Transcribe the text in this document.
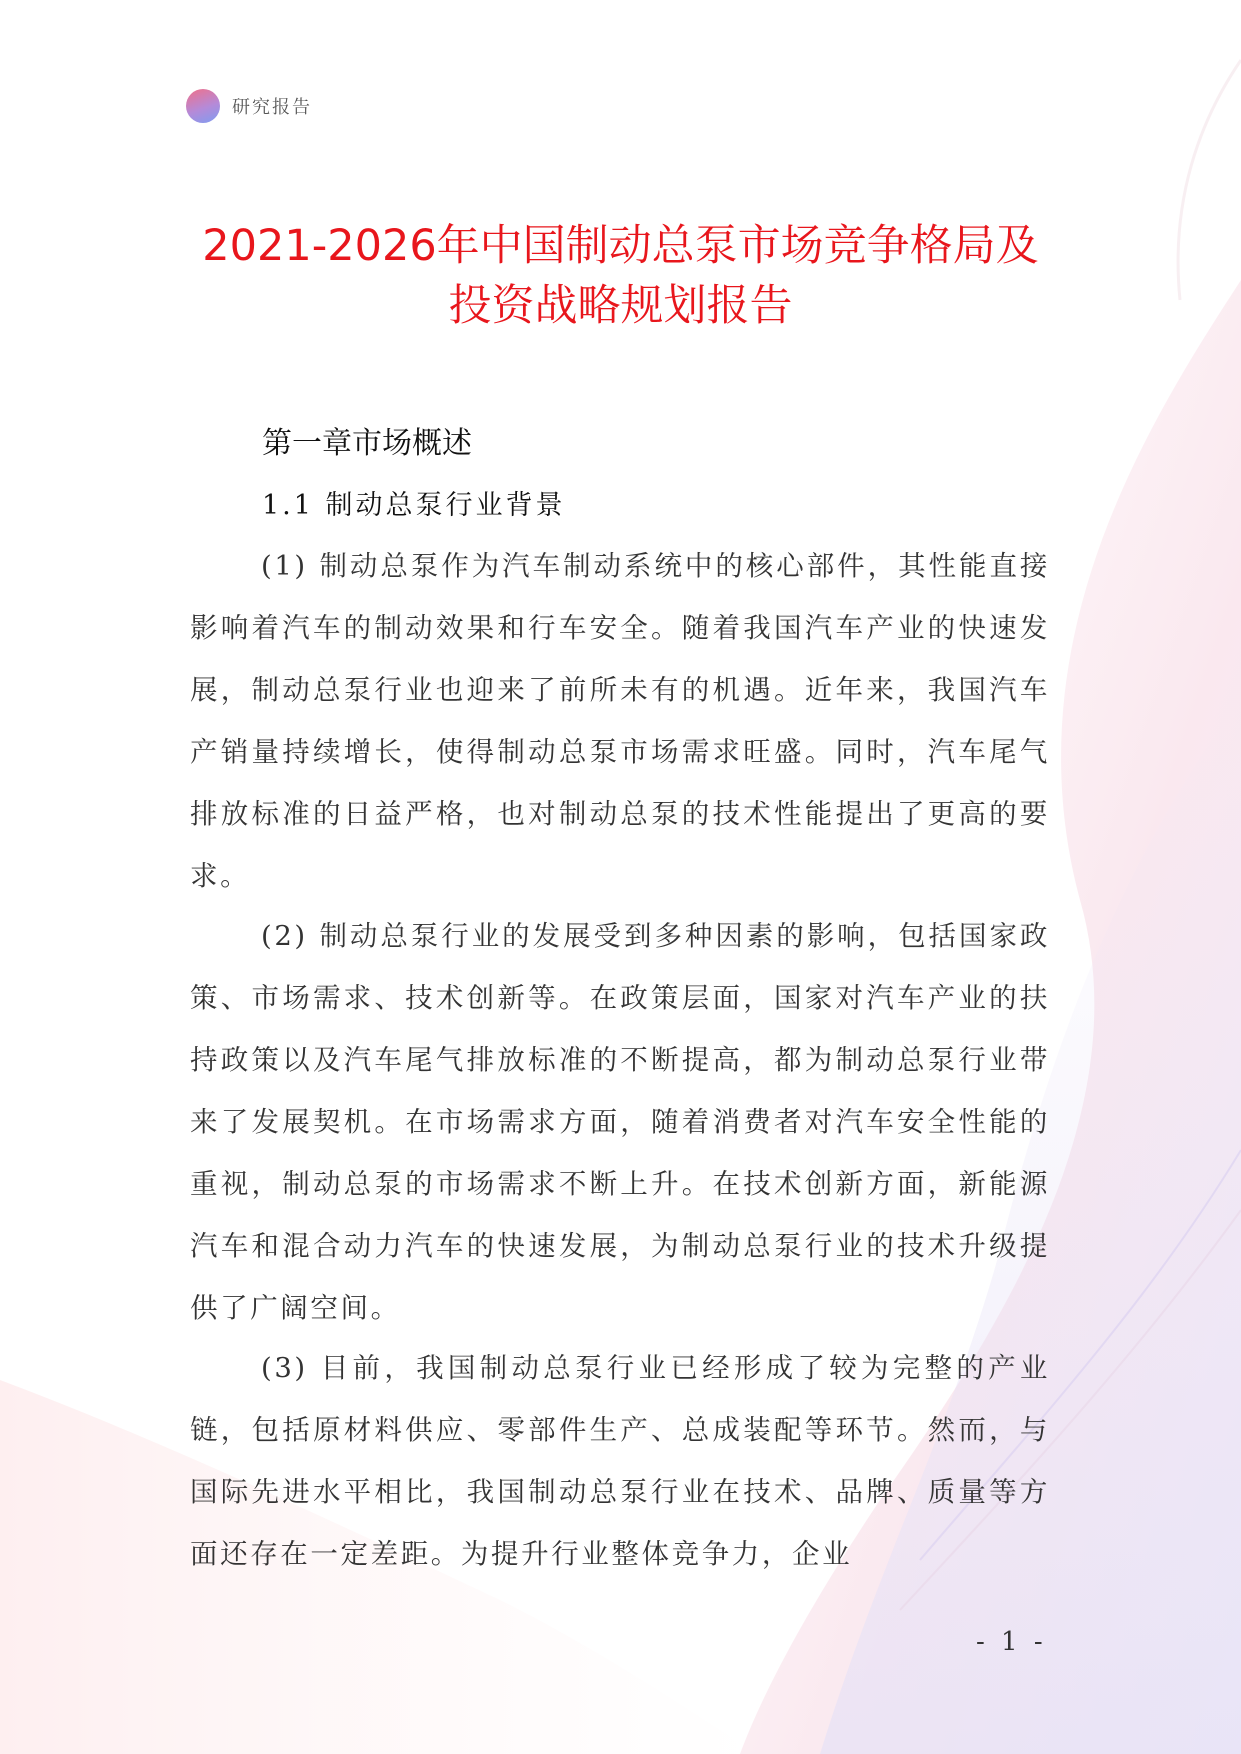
研究报告
2021-2026年中国制动总泵市场竞争格局及
投资战略规划报告
第一章市场概述
1.1 制动总泵行业背景

(1) 制动总泵作为汽车制动系统中的核心部件，其性能直接影响着汽车的制动效果和行车安全。随着我国汽车产业的快速发展，制动总泵行业也迎来了前所未有的机遇。近年来，我国汽车产销量持续增长，使得制动总泵市场需求旺盛。同时，汽车尾气排放标准的日益严格，也对制动总泵的技术性能提出了更高的要求。

(2) 制动总泵行业的发展受到多种因素的影响，包括国家政策、市场需求、技术创新等。在政策层面，国家对汽车产业的扶持政策以及汽车尾气排放标准的不断提高，都为制动总泵行业带来了发展契机。在市场需求方面，随着消费者对汽车安全性能的重视，制动总泵的市场需求不断上升。在技术创新方面，新能源汽车和混合动力汽车的快速发展，为制动总泵行业的技术升级提供了广阔空间。

(3) 目前，我国制动总泵行业已经形成了较为完整的产业链，包括原材料供应、零部件生产、总成装配等环节。然而，与国际先进水平相比，我国制动总泵行业在技术、品牌、质量等方面还存在一定差距。为提升行业整体竞争力，企业

- 1 -
